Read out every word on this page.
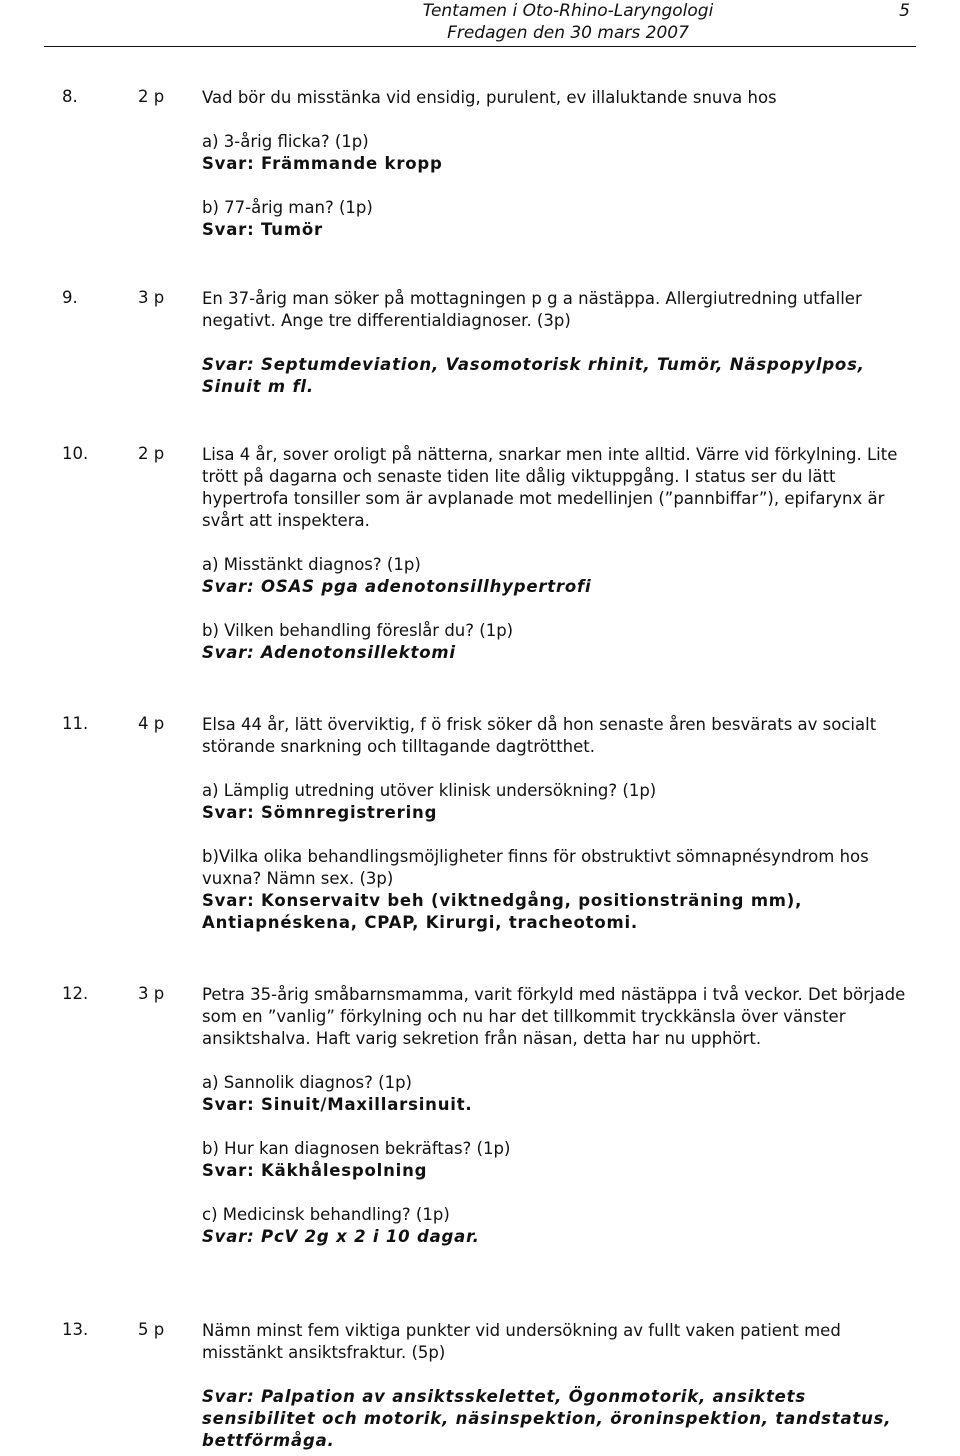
Tentamen i Oto-Rhino-Laryngologi
Fredagen den 30 mars 2007
5
8.	2 p	Vad bör du misstänka vid ensidig, purulent, ev illaluktande snuva hos

a) 3-årig flicka? (1p)

Svar: Främmande kropp

b) 77-årig man? (1p)

Svar: Tumör

9.	3 p	En 37-årig man söker på mottagningen p g a nästäppa. Allergiutredning utfaller negativt. Ange tre differentialdiagnoser. (3p)

Svar: Septumdeviation, Vasomotorisk rhinit, Tumör, Näspopylpos, Sinuit m fl.

10.	2 p	Lisa 4 år, sover oroligt på nätterna, snarkar men inte alltid. Värre vid förkylning. Lite trött på dagarna och senaste tiden lite dålig viktuppgång. I status ser du lätt hypertrofa tonsiller som är avplanade mot medellinjen (”pannbiffar”), epifarynx är svårt att inspektera.

a) Misstänkt diagnos? (1p)

Svar: OSAS pga adenotonsillhypertrofi

b) Vilken behandling föreslår du? (1p)

Svar: Adenotonsillektomi

11.	4 p	Elsa 44 år, lätt överviktig, f ö frisk söker då hon senaste åren besvärats av socialt störande snarkning och tilltagande dagtrötthet.

a) Lämplig utredning utöver klinisk undersökning? (1p)

Svar: Sömnregistrering

b)Vilka olika behandlingsmöjligheter finns för obstruktivt sömnapnésyndrom hos vuxna? Nämn sex. (3p)

Svar: Konservaitv beh (viktnedgång, positionsträning mm), Antiapnéskena, CPAP, Kirurgi, tracheotomi.

12.	3 p	Petra 35-årig småbarnsmamma, varit förkyld med nästäppa i två veckor. Det började som en ”vanlig” förkylning och nu har det tillkommit tryckkänsla över vänster ansiktshalva. Haft varig sekretion från näsan, detta har nu upphört.

a) Sannolik diagnos? (1p)

Svar: Sinuit/Maxillarsinuit.

b) Hur kan diagnosen bekräftas? (1p)

Svar: Käkhålespolning

c) Medicinsk behandling? (1p)

Svar: PcV 2g x 2 i 10 dagar.

13.	5 p	Nämn minst fem viktiga punkter vid undersökning av fullt vaken patient med misstänkt ansiktsfraktur. (5p)

Svar: Palpation av ansiktsskelettet, Ögonmotorik, ansiktets sensibilitet och motorik, näsinspektion, öroninspektion, tandstatus, bettförmåga.
